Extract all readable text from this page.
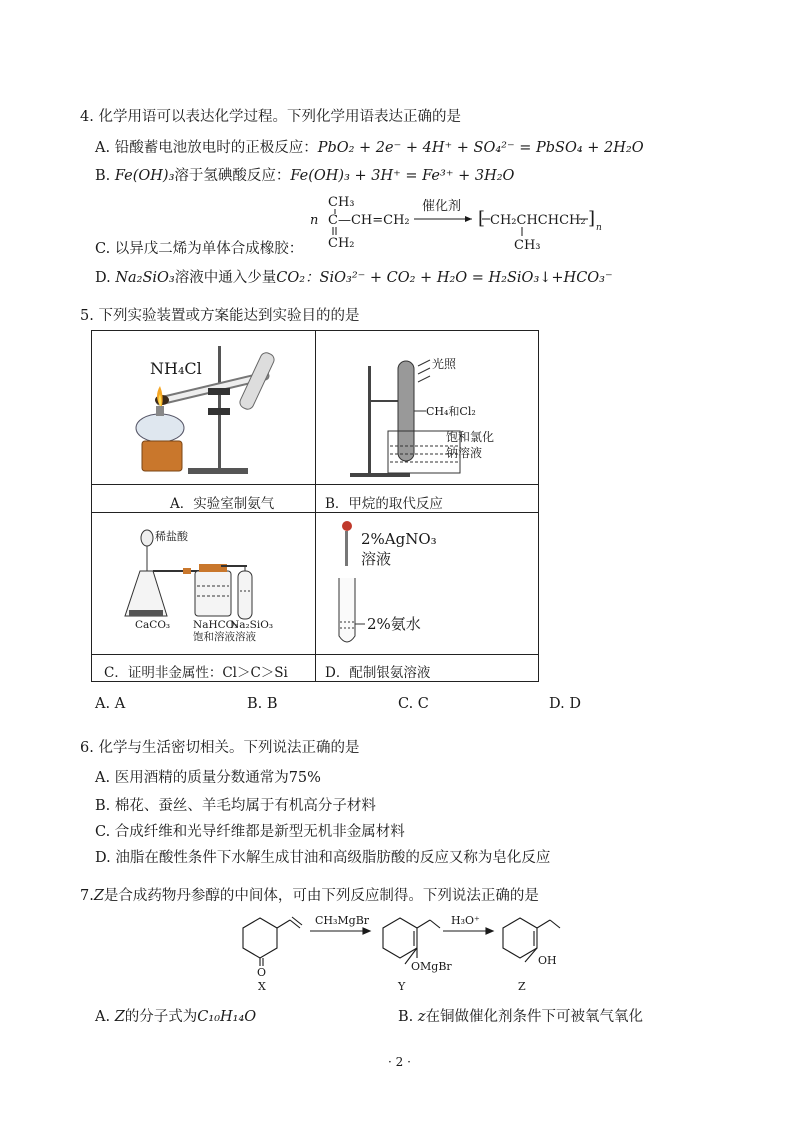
4. 化学用语可以表达化学过程。下列化学用语表达正确的是
A. 铅酸蓄电池放电时的正极反应：PbO₂ + 2e⁻ + 4H⁺ + SO₄²⁻ = PbSO₄ + 2H₂O
B. Fe(OH)₃溶于氢碘酸反应：Fe(OH)₃ + 3H⁺ = Fe³⁺ + 3H₂O
n
CH₃
C—CH=CH₂
CH₂
催化剂
[ CH₂CHCHCH₂ ] n
CH₃
C. 以异戊二烯为单体合成橡胶：
D. Na₂SiO₃溶液中通入少量CO₂：SiO₃²⁻ + CO₂ + H₂O = H₂SiO₃↓+HCO₃⁻
5. 下列实验装置或方案能达到实验目的的是
NH₄Cl
A．实验室制氨气
光照
CH₄和Cl₂
饱和氯化
钠溶液
B．甲烷的取代反应
稀盐酸
CaCO₃ NaHCO₃
饱和溶液
Na₂SiO₃
溶液
C．证明非金属性：Cl＞C＞Si
2%AgNO₃
溶液
2%氨水
D．配制银氨溶液
A. A	B. B	C. C	D. D
6. 化学与生活密切相关。下列说法正确的是
A. 医用酒精的质量分数通常为75%
B. 棉花、蚕丝、羊毛均属于有机高分子材料
C. 合成纤维和光导纤维都是新型无机非金属材料
D. 油脂在酸性条件下水解生成甘油和高级脂肪酸的反应又称为皂化反应
7.Z是合成药物丹参醇的中间体，可由下列反应制得。下列说法正确的是
CH₃MgBr	H₃O⁺
O
X
OMgBr
Y
OH
Z
A. Z的分子式为C₁₀H₁₄O	B. z在铜做催化剂条件下可被氧气氧化
· 2 ·
